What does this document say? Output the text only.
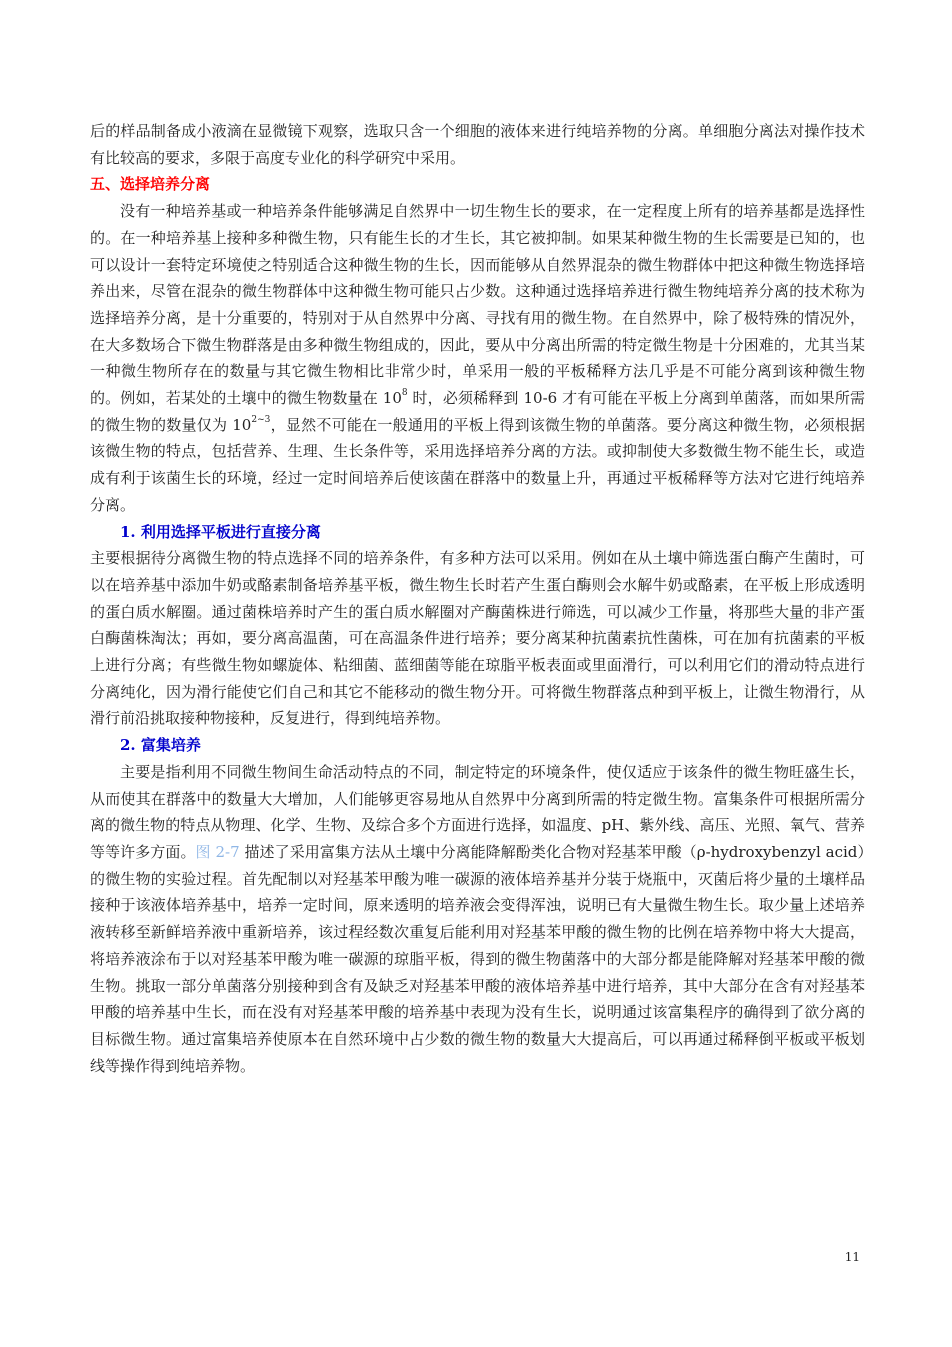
后的样品制备成小液滴在显微镜下观察，选取只含一个细胞的液体来进行纯培养物的分离。单细胞分离法对操作技术有比较高的要求，多限于高度专业化的科学研究中采用。

五、选择培养分离

没有一种培养基或一种培养条件能够满足自然界中一切生物生长的要求，在一定程度上所有的培养基都是选择性的。在一种培养基上接种多种微生物，只有能生长的才生长，其它被抑制。如果某种微生物的生长需要是已知的，也可以设计一套特定环境使之特别适合这种微生物的生长，因而能够从自然界混杂的微生物群体中把这种微生物选择培养出来，尽管在混杂的微生物群体中这种微生物可能只占少数。这种通过选择培养进行微生物纯培养分离的技术称为选择培养分离，是十分重要的，特别对于从自然界中分离、寻找有用的微生物。在自然界中，除了极特殊的情况外，在大多数场合下微生物群落是由多种微生物组成的，因此，要从中分离出所需的特定微生物是十分困难的，尤其当某一种微生物所存在的数量与其它微生物相比非常少时，单采用一般的平板稀释方法几乎是不可能分离到该种微生物的。例如，若某处的土壤中的微生物数量在 $10^8$ 时，必须稀释到 10-6 才有可能在平板上分离到单菌落，而如果所需的微生物的数量仅为 $10^{2\sim 3}$，显然不可能在一般通用的平板上得到该微生物的单菌落。要分离这种微生物，必须根据该微生物的特点，包括营养、生理、生长条件等，采用选择培养分离的方法。或抑制使大多数微生物不能生长，或造成有利于该菌生长的环境，经过一定时间培养后使该菌在群落中的数量上升，再通过平板稀释等方法对它进行纯培养分离。

1. 利用选择平板进行直接分离

主要根据待分离微生物的特点选择不同的培养条件，有多种方法可以采用。例如在从土壤中筛选蛋白酶产生菌时，可以在培养基中添加牛奶或酪素制备培养基平板，微生物生长时若产生蛋白酶则会水解牛奶或酪素，在平板上形成透明的蛋白质水解圈。通过菌株培养时产生的蛋白质水解圈对产酶菌株进行筛选，可以减少工作量，将那些大量的非产蛋白酶菌株淘汰；再如，要分离高温菌，可在高温条件进行培养；要分离某种抗菌素抗性菌株，可在加有抗菌素的平板上进行分离；有些微生物如螺旋体、粘细菌、蓝细菌等能在琼脂平板表面或里面滑行，可以利用它们的滑动特点进行分离纯化，因为滑行能使它们自己和其它不能移动的微生物分开。可将微生物群落点种到平板上，让微生物滑行，从滑行前沿挑取接种物接种，反复进行，得到纯培养物。

2. 富集培养

主要是指利用不同微生物间生命活动特点的不同，制定特定的环境条件，使仅适应于该条件的微生物旺盛生长，从而使其在群落中的数量大大增加，人们能够更容易地从自然界中分离到所需的特定微生物。富集条件可根据所需分离的微生物的特点从物理、化学、生物、及综合多个方面进行选择，如温度、pH、紫外线、高压、光照、氧气、营养等等许多方面。图 2-7 描述了采用富集方法从土壤中分离能降解酚类化合物对羟基苯甲酸（ρ-hydroxybenzyl acid）的微生物的实验过程。首先配制以对羟基苯甲酸为唯一碳源的液体培养基并分装于烧瓶中，灭菌后将少量的土壤样品接种于该液体培养基中，培养一定时间，原来透明的培养液会变得浑浊，说明已有大量微生物生长。取少量上述培养液转移至新鲜培养液中重新培养，该过程经数次重复后能利用对羟基苯甲酸的微生物的比例在培养物中将大大提高，将培养液涂布于以对羟基苯甲酸为唯一碳源的琼脂平板，得到的微生物菌落中的大部分都是能降解对羟基苯甲酸的微生物。挑取一部分单菌落分别接种到含有及缺乏对羟基苯甲酸的液体培养基中进行培养，其中大部分在含有对羟基苯甲酸的培养基中生长，而在没有对羟基苯甲酸的培养基中表现为没有生长，说明通过该富集程序的确得到了欲分离的目标微生物。通过富集培养使原本在自然环境中占少数的微生物的数量大大提高后，可以再通过稀释倒平板或平板划线等操作得到纯培养物。

11
